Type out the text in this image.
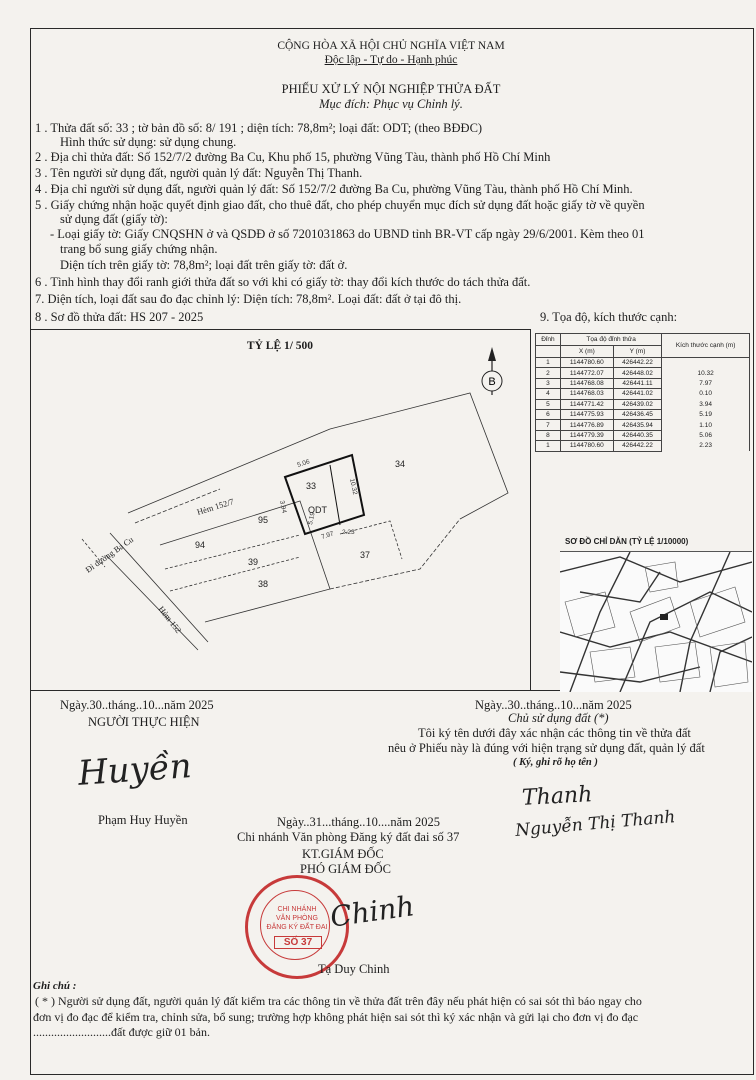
CỘNG HÒA XÃ HỘI CHỦ NGHĨA VIỆT NAM
Độc lập - Tự do - Hạnh phúc
PHIẾU XỬ LÝ NỘI NGHIỆP THỬA ĐẤT
Mục đích: Phục vụ Chỉnh lý.
1 . Thửa đất số: 33 ; tờ bản đồ số: 8/ 191 ; diện tích: 78,8m²; loại đất: ODT; (theo BĐĐC)
Hình thức sử dụng: sử dụng chung.
2 . Địa chỉ thửa đất: Số 152/7/2 đường Ba Cu, Khu phố 15, phường Vũng Tàu, thành phố Hồ Chí Minh
3 . Tên người sử dụng đất, người quản lý đất: Nguyễn Thị Thanh.
4 . Địa chỉ người sử dụng đất, người quản lý đất: Số 152/7/2 đường Ba Cu, phường Vũng Tàu, thành phố Hồ Chí Minh.
5 . Giấy chứng nhận hoặc quyết định giao đất, cho thuê đất, cho phép chuyển mục đích sử dụng đất hoặc giấy tờ về quyền
sử dụng đất (giấy tờ):
- Loại giấy tờ: Giấy CNQSHN ở và QSDĐ ở số 7201031863 do UBND tỉnh BR-VT cấp ngày 29/6/2001. Kèm theo 01
trang bổ sung giấy chứng nhận.
Diện tích trên giấy tờ: 78,8m²; loại đất trên giấy tờ: đất ở.
6 . Tình hình thay đổi ranh giới thửa đất so với khi có giấy tờ: thay đổi kích thước do tách thửa đất.
7. Diện tích, loại đất sau đo đạc chỉnh lý: Diện tích: 78,8m². Loại đất: đất ở tại đô thị.
8 . Sơ đồ thửa đất: HS 207 - 2025	9. Tọa độ, kích thước cạnh:
TỶ LỆ 1/ 500
B
34
95
94
39
38
37
33
ODT
5.06
10.32
5.19
7.97
3.94
2.23
Hẻm 152/7
Đi đường Ba Cu
Hẻm 152
Đỉnh	Tọa độ đỉnh thửa		Kích thước cạnh (m)
	X (m)	Y (m)	
1	1144780.60	426442.22	
2	1144772.07	426448.02	10.32
3	1144768.08	426441.11	7.97
4	1144768.03	426441.02	0.10
5	1144771.42	426439.02	3.94
6	1144775.93	426436.45	5.19
7	1144776.89	426435.94	1.10
8	1144779.39	426440.35	5.06
1	1144780.60	426442.22	2.23
SƠ ĐỒ CHỈ DẪN (TỶ LỆ 1/10000)
Ngày.30..tháng..10...năm 2025
NGƯỜI THỰC HIỆN
Huyền
Phạm Huy Huyền
Ngày..30..tháng..10...năm 2025
Chủ sử dụng đất (*)
Tôi ký tên dưới đây xác nhận các thông tin về thửa đất
nêu ở Phiếu này là đúng với hiện trạng sử dụng đất, quản lý đất
( Ký, ghi rõ họ tên )
Thanh
Nguyễn Thị Thanh
Ngày..31...tháng..10....năm 2025
Chi nhánh Văn phòng Đăng ký đất đai số 37
KT.GIÁM ĐỐC
PHÓ GIÁM ĐỐC
CHI NHÁNH
VĂN PHÒNG
ĐĂNG KÝ ĐẤT ĐAI
SỐ 37
Chinh
Tạ Duy Chinh
Ghi chú :
( * ) Người sử dụng đất, người quản lý đất kiểm tra các thông tin về thửa đất trên đây nếu phát hiện có sai sót thì báo ngay cho
đơn vị đo đạc để kiểm tra, chỉnh sửa, bổ sung; trường hợp không phát hiện sai sót thì ký xác nhận và gửi lại cho đơn vị đo đạc
..........................đất được giữ 01 bản.
